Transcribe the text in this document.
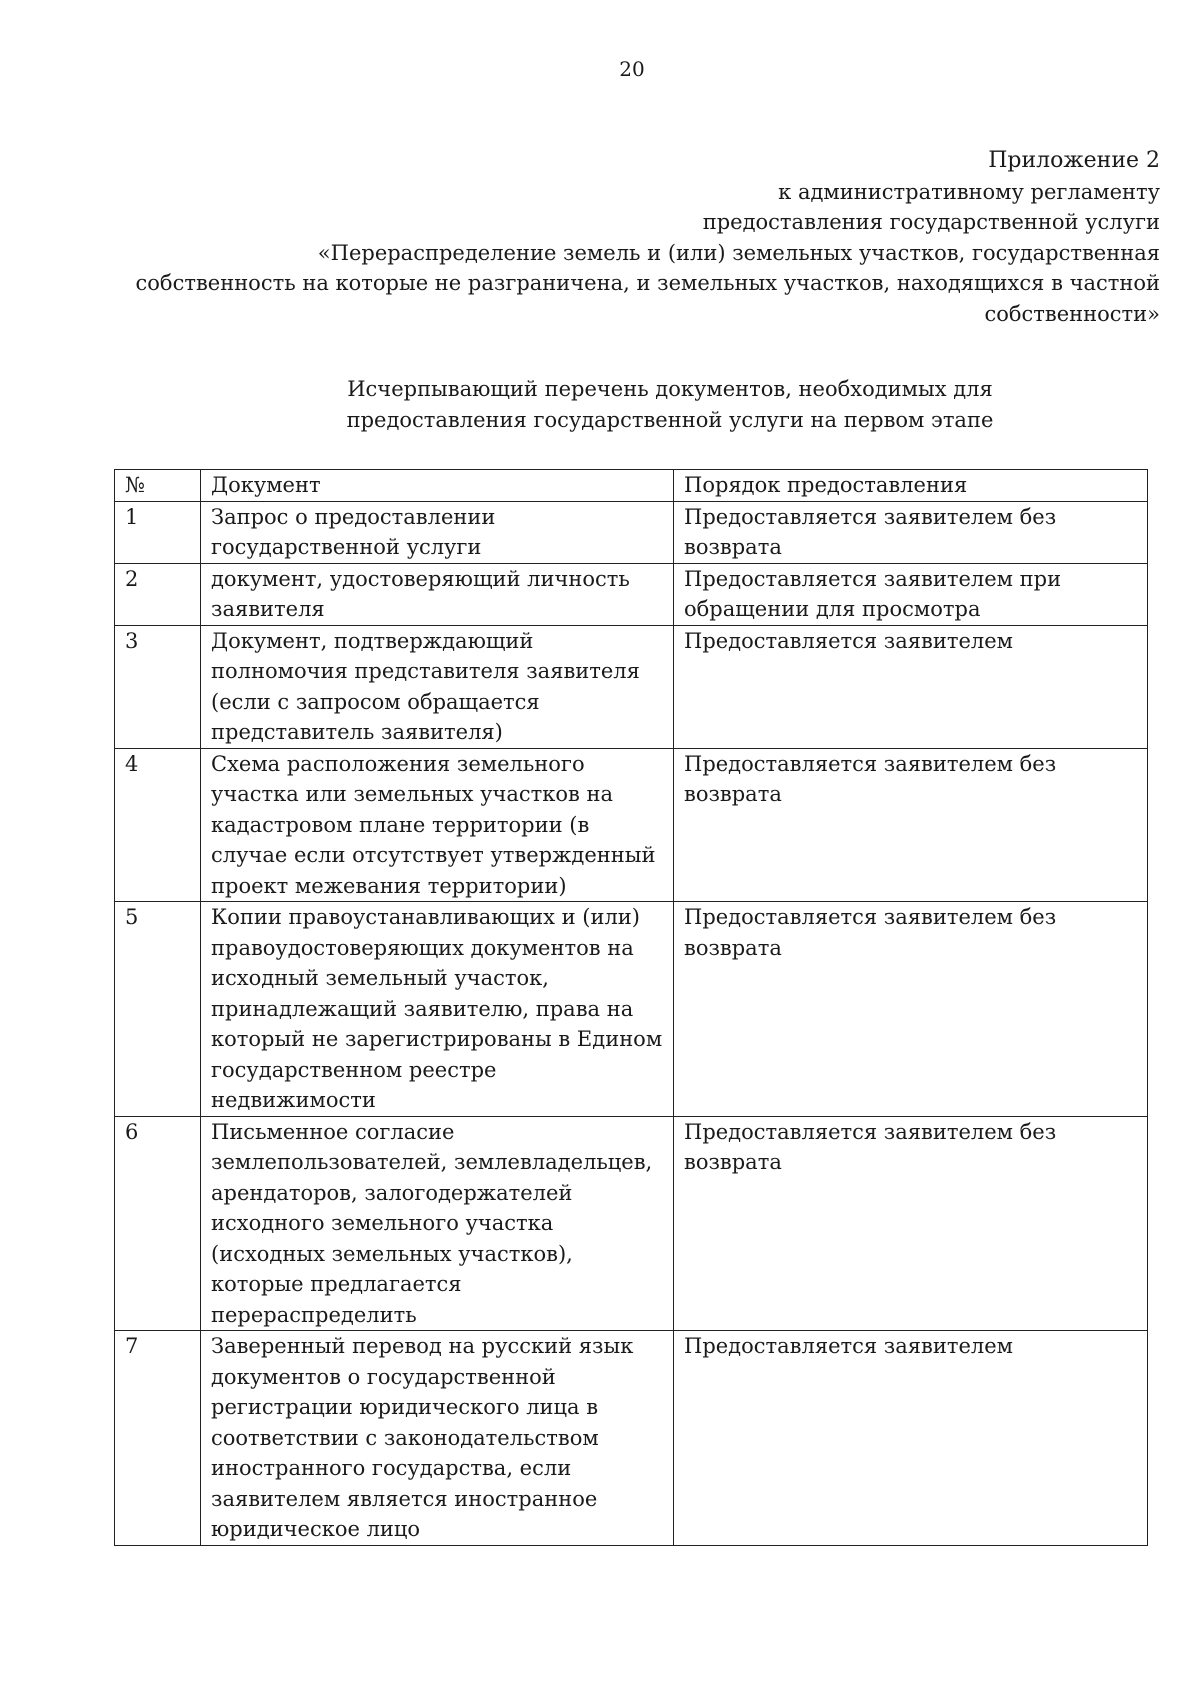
20
Приложение 2
к административному регламенту
предоставления государственной услуги
«Перераспределение земель и (или) земельных участков, государственная
собственность на которые не разграничена, и земельных участков, находящихся в частной
собственности»
Исчерпывающий перечень документов, необходимых для
предоставления государственной услуги на первом этапе
№	Документ	Порядок предоставления
1	Запрос о предоставлении государственной услуги	Предоставляется заявителем без возврата
2	документ, удостоверяющий личность заявителя	Предоставляется заявителем при обращении для просмотра
3	Документ, подтверждающий полномочия представителя заявителя (если с запросом обращается представитель заявителя)	Предоставляется заявителем
4	Схема расположения земельного участка или земельных участков на кадастровом плане территории (в случае если отсутствует утвержденный проект межевания территории)	Предоставляется заявителем без возврата
5	Копии правоустанавливающих и (или) правоудостоверяющих документов на исходный земельный участок, принадлежащий заявителю, права на который не зарегистрированы в Едином государственном реестре недвижимости	Предоставляется заявителем без возврата
6	Письменное согласие землепользователей, землевладельцев, арендаторов, залогодержателей исходного земельного участка (исходных земельных участков), которые предлагается перераспределить	Предоставляется заявителем без возврата
7	Заверенный перевод на русский язык документов о государственной регистрации юридического лица в соответствии с законодательством иностранного государства, если заявителем является иностранное юридическое лицо	Предоставляется заявителем
